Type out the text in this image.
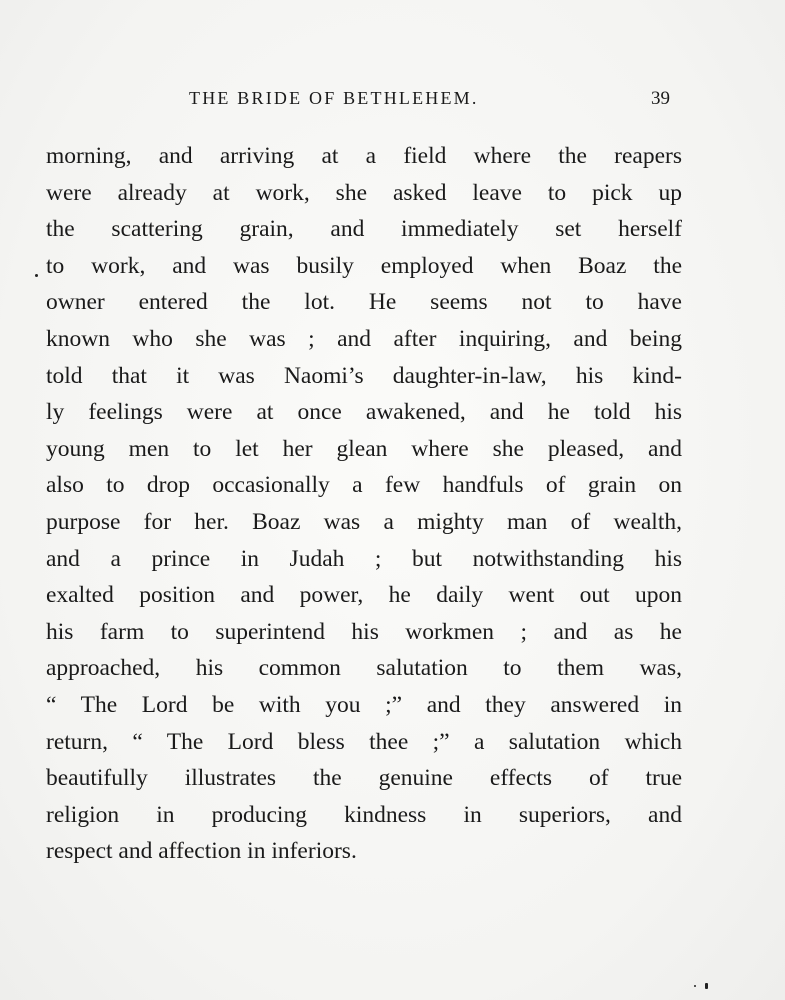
THE BRIDE OF BETHLEHEM.	39
morning, and arriving at a field where the reapers
were already at work, she asked leave to pick up
the scattering grain, and immediately set herself
to work, and was busily employed when Boaz the
owner entered the lot. He seems not to have
known who she was ; and after inquiring, and being
told that it was Naomi’s daughter-in-law, his kind-
ly feelings were at once awakened, and he told his
young men to let her glean where she pleased, and
also to drop occasionally a few handfuls of grain on
purpose for her. Boaz was a mighty man of wealth,
and a prince in Judah ; but notwithstanding his
exalted position and power, he daily went out upon
his farm to superintend his workmen ; and as he
approached, his common salutation to them was,
“ The Lord be with you ;” and they answered in
return, “ The Lord bless thee ;” a salutation which
beautifully illustrates the genuine effects of true
religion in producing kindness in superiors, and
respect and affection in inferiors.
